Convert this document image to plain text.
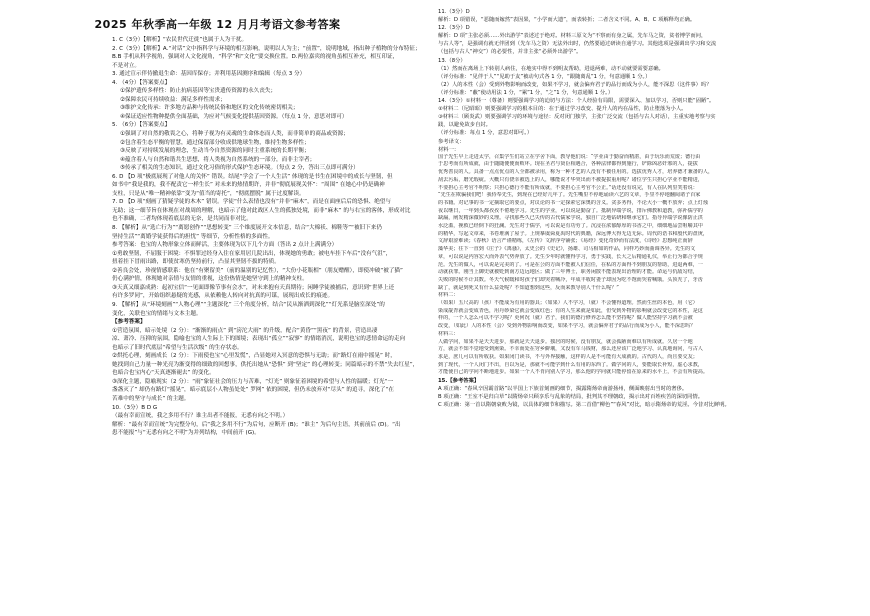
2025 年秋季高一年级 12 月月考语文参考答案
1. C（3分）【解析】“农民世代迁徙”也属于人为干扰。
2. C（3分）【解析】A.“对话”文中指科学与环境的相互影响，说明以人为主；“前置”，说明地域，指出种子植物的分布特征；
B.B 手机从科学视角，强调对人文化视角，“科学”和“文化”要交换位置。D.两位嘉宾的视角虽相互补充，相互印证，
不是对立。
3. 通过宣示伴侍撤退生命：基因库保存；并利用基因测序和编辑（每点 3 分）
4. （4分）【答案要点】
①保护遗传多样性：防止抗病基因等宝贵遗传资源的永久丧失；
②保障农民可持续收益：满足多样性需求；
③维护文化传承：许多地方品种与传统民俗和地区的文化传统密切相关；
④保证适应性物种提供全面基础，为应对气候变化提供基因资源。（每点 1 分，意思对即可）
5. （6分）【答案要点】
①强调了对自然的敬畏之心，将种子视为有灵魂的生命体态而人类，而非简单的商品或资源；
②包含着生态平衡的智慧，通过保留部分收成供地球生物，维持生物多样性；
③反映了对持续发展的理念，生动当今自然资源的同时主重系统的长期平衡；
④蕴含着人与自然和谐共生思想，将人类视为自然系统的一部分，而非主宰者；
⑤传承了相关的生态知识，通过文化习俗的形式保护生态环境。（每点 2 分，答出三点即可满分）
6. D 【D 项“极底展现了对他人的关怀” 错误。结尾“学会了一个人生活” 体现的是书生在困境中的成长与坚韧，但
如书中“我是我的，我不配责它一样生长” 对未来的热情期许，并非“彻底展现关怀”：“周围” 在她心中仍是确神
支柱，只是从“唯一精神依靠”变为“值当的寄托”，“彻底摆脱” 属于过度解读。
7. D 【D 项“刻画了猜疑学徒的木木” 错误。学徒“什么表情也没有”并非“麻木”，而是在面座后后的恐惧、绝望与
无助；这一细节旨在体现在对战周的理解，也暗示了他对此战区人生的孤独处境，而非“麻木” 的与右宝的客体，形成对比
也不准确，二者均体现着底层的无奈，是共同而非对比。
8. 【解析】从“选亡行为”“离愿创作”“思想转变” 三个维度展开文本信息，结合“大棉袄、棉鞋等”“被旧下来仍
坚持生活”“离婚学徒获得后的担忧” 等细节，分析性格的多面性。
参考答案：也宝的人物形象立体而鲜活，主要体现为以下几个方面（答出 2 点计上满满分）
①勇敢坚韧，不屈服于困境：不惧罪过经身入住在家用居几院出出，体现她的勇敢；被电车挂下车后“没有气沮”，
扭着挂下冒雨出路，即使贫寒仍坚持前行，凸显其坚韧不拔的特质。
②善良会处，珍视情感联系：他在“有聚留美”（前的温别的记忆性），“大份小花瓶相”（朋友赠醒），即使冲破“被了猫”
仍心满护情，体现她对亲情与友情的重视，这份热情是她坚守到上的精神支柱。
③天真又细嘉成熟：起初宝信“一见面即像节事有会水”，对未来抱有天真期待；闲睡学徒被捕后，意识到“世界上还
有许多罗同”，开始组织悬疑的光感，从依赖他人转向对抗真的可谋，展现出成长的痕迹。
9. 【解析】从“环境刻画”“人物心理”“主题深化” 三个角度分析，结合“民从渐洒到深化”“灯光系是脑室深处”的
变化，关联也宝的情绪与文本主题。
【参考答案】
①营造氛围，暗示处境（2 分）：“渐渐的雨点” 到“滂沱大雨” 的升级，配合“黄昏”“黑夜” 的背景，营造出凄
凉、萧冷、压抑的氛围，隐喻也宝的人生际上下的图境；表现出“孤立”“寂寥” 的情绪消沉，说明也宝的悲情命运的走向
也暗示了旧时代底层“希望与生活次级” 的生存状态。
②烘托心理，刻画成长（2 分）：下雨使也宝“心里发慌”，凸显她对入冥意的恐惧与无助；而“路灯在雨中摇晃” 时，
她找到自己力量一种光亮为渐变得的细致的回想事，供托出她从“恐惧” 到“坚定” 的心理转变；同篇暗示的不禁“失去红星”，
也暗合也宝内心“天真逐渐褪去” 的变化。
③深化主题，隐喻现实（2 分）：“雨”象征社会的压力与苦难，“灯光” 则象征着困境的希望与人性的温暖；灯光“一
盏盏灭了” 却仍有路灯“摇晃”，暗示底层小人物虽处处” 罗网” 依的困境，但仍未放弃对“尽头” 的追寻，深化了“在
苦难中的坚守与成长” 的主题。
10.（3分）B D G
（最有幸而宣统，我之多用不行？谁主出者不能报，无悉有向之不明。）
解析：“最有幸而宣统”为完整分句，后“我之多用不行”为后句，应断开 (B)；“谁主” 为后句主语，其前前后 (D)。“出
患不能报”与“无悉有向之不明”为并列结构，中间前开 (G)。
11.（3分）D
解析：D 项错误，“恶随而嫁然”表因果，“小学而大遗”，而表转折；二者含义不同。A、B、C 项解释均正确。
12.（3分）D
解析：D 项“主张必须……外出游学”表述过于绝对。材料三原文为“不察而有身之属，先车马之资，贫者博学而问，
与古人等”，是强调有就无伴团到（先车马之资）无法外出时，仍然要通过研读自通学习。其他选项是强调出学习和交流
（包括与古人“神交”）的必要性，并非主张“必须外出游学”。
13.（8分）
（1）然而在离场上下转别人病住，在地实中得不到明友帮助，进退两难，动不动就要需要意确。
（评分标准：“见伴于人”“见助于友”被动句式各 1 分，“跟随离乱”1 分，句意通顺 1 分。）
（2）人的本性（会）受到外物影响而改变，如果不学习，就会偏弃君子的品行而成为小人，能不深思（这件事）吗？
（评分标准：“蔽”使动用法 1 分，“累”1 分，“之”1 分，句意通顺 1 分。）
14.（3分）①材料一（尊备）则要强调学习的迫切与方法：个人经验有局限，需要深入、加以学习，否则只能“固陋”。
②材料二（尼昭昭）则要强调学习的根本目的：在于通过学习改变、提升人的内在品性，防止堕落为小人。
③材料三（顾炎武）则要强调学习的环境与途径：反对闭门独学，主张广泛交流（包括与古人对话），主重实地考察与实
践，以避免故步自封。
（评分标准：每点 1 分，意思对即可。）
参考译文：
材料一：
国子先生早上走进太学，召集学生们站立在学舍下面，教导他们说：“学业由于勤奋而精湛，由于玩乐而荒废；德行由
于思考而有所成就，由于随随便便而败坏。现在圣君与贤臣相遇合，各种法律都得到施行，铲除凶恶奸邪的人，提拔
优秀善良的人。具备一点点优点的人全都被录用，称为一种才艺的人没有不被任用的。选拔优秀人才，培养德才兼备的人，
刮去污垢，磨光瑕疵。大概只有侥幸被选上的人，哪能说才华突出而不被提拔重用呢？诸位学生只担心学业不能精进，
不要担心主考官不明察；只担心德行不能有所成就，不要担心主考官不公正。”话还没有说完，有人在队列里笑着说：
“先生在欺骗我们吧！我侍奉先生，到现在已经好几年了。先生嘴里不停地诵读六艺的文章，手里不停地翻阅诸子百家
的书籍。对记事的书一定摘取它的要点，对议论的书一定探索它深奥的含义。贪多务得，不论大小一概不放弃；点上灯烛
夜以继日，一年到头都孜孜不倦地学习。先生的学业，可以说是勤奋了。抵制异端学说，排斥佛教和道教，弥补儒学的
缺漏，阐发精深微妙的义理。寻找那些久已失传的古代儒家学说，独自广泛地钻研和继承它们。指导异端学说像防止洪
水泛滥，挽救已经倒下的狂澜。先生对于儒学，可以说是有功劳了。沉浸在浓郁醇厚的书香之中，细细地品尝咀嚼其中
的精华，写起文章来，书卷堆满了屋子。上规摹虞舜夏禹时代的典籍，深远博大得无边无际。周代的诰书和殷代的盘庚，
文辞艰涩难读；《春秋》语言严谨精练，《左传》文辞浮夸铺张；《易经》变化奇妙而有法度，《诗经》思想纯正而辞
藻华美；往下一直到《庄子》《离骚》，太史公的《史记》，扬雄、司马相如的作品，同样巧妙而曲调各异。先生的文
章，可以说是内容宏大而外表气势奔放了。先生少年时就懂得学习，勇于实践，长大之后精通礼仪，举止行为都合乎规
范。先生的做人，可以说是完美的了。可是在公的方面不能被人们信任，在私的方面得不到朋友的帮助，进退两难，一
动就获罪。刚当上御史就被贬到南方边远地区；做了三年博士，职务闲散不能表现出治理的才能。命运与仇敌勾结，
失败的时候不计其数。冬天气候暖和时孩子们却哭着喊冷，年成丰收时妻子却因为吃不饱而哭着喊饿。头顶秃了，牙齿
缺了，就是到死又有什么益处呢？不知道想到这些，反而来教导别人干什么呢？”
材料二：
（如果）五尺高的（孩）不能成为有用的器具；（如果）人不学习，（就）不会懂得道理。然而生丝的本色，用（它）
染成靛青就会变成青色，用丹砂染它就会变成红色；有的人生来就是如此，但受到外物的影响就会改变它的本性，是这
样的，一个人怎么可以不学习呢？更何况（就）君子，我们的德行修养怎么能不坚持呢？做人能坚持学习就不会被
改变，（如此）人的本性（会）受到外物影响而改变，如果不学习，就会偏弃君子的品行而成为小人，能不深思吗？
材料三：
人做学问，如果不是天天进步，那就是天天退步。独居的时候，没有朋友，就会孤陋而难以有所成就。久居一个地
方，就会不知不觉地受到熏染。不幸而处在穷乡僻壤，又没有车马钱财，那么还应该广泛地学习、认真地询问，与古人
求是，庶几可以有所收获。如果闭门读书，不与外界接触，这样的人是不可能有大成就的。古代的人，尚且要交友；
到了现代，一个人闭门不出，自以为是，那就不可能学到什么有用的东西了。做学问的人，要能取长补短，虚心求教，
才能使自己的学问不断地进步。如果一个人不肯向别人学习，那么他的学问就只能停留在原来的水平上，不会有所提高。
15.【参考答案】
A 项正确：“春风辛因霸首路”以半国上下族首刻画的细节，揭露隋炀帝南游扬州，侧面映射出当时的奢侈。
B 项正确：“王室不是归白草”以隋炀帝只顾享乐与乱象的结局，批判其不理朝政，揭示出对百姓疾苦的深切同情。
C 项正确：第一首以隋朝衰败为镜，以具体的细节和描写。第二首借“柳色”“春风”对比，暗示隋炀帝的荒淫。今昔对比鲜明。
